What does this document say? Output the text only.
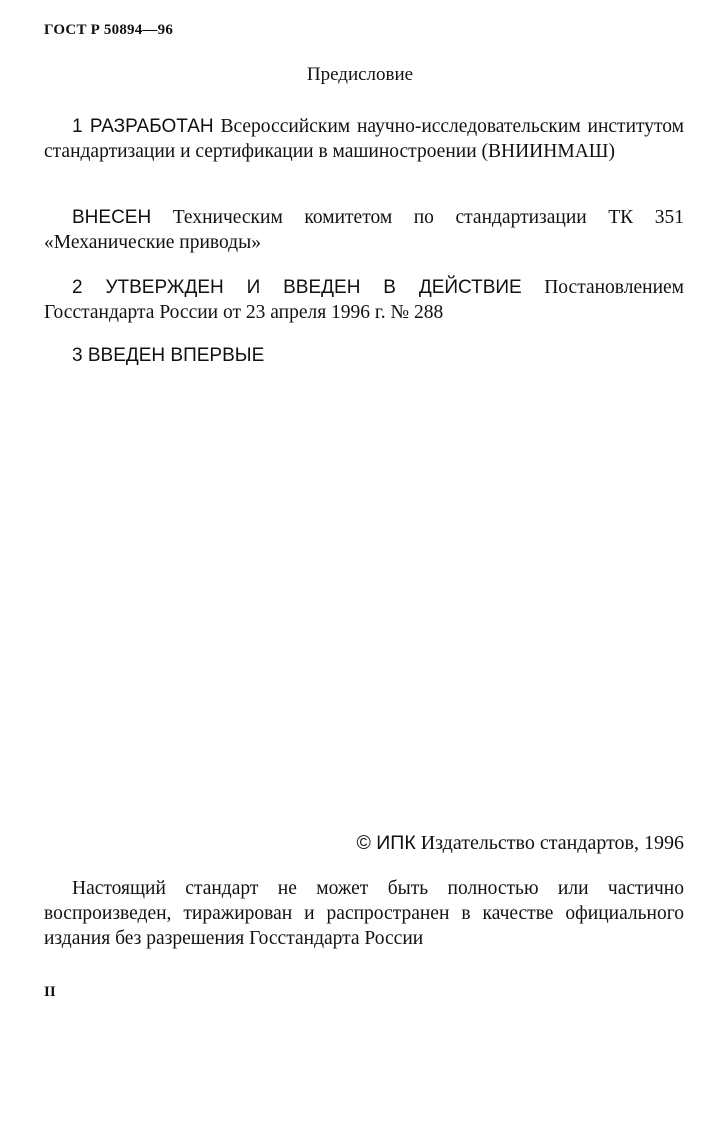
ГОСТ Р 50894—96
Предисловие

1 РАЗРАБОТАН Всероссийским научно-исследовательским институтом стандартизации и сертификации в машиностроении (ВНИИНМАШ)

ВНЕСЕН Техническим комитетом по стандартизации ТК 351 «Механические приводы»

2 УТВЕРЖДЕН И ВВЕДЕН В ДЕЙСТВИЕ Постановлением Госстандарта России от 23 апреля 1996 г. № 288

3 ВВЕДЕН ВПЕРВЫЕ

© ИПК Издательство стандартов, 1996

Настоящий стандарт не может быть полностью или частично воспроизведен, тиражирован и распространен в качестве официального издания без разрешения Госстандарта России

II
